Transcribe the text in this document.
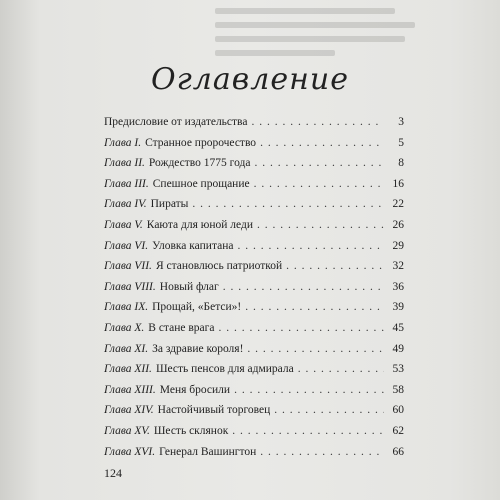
Оглавление
Предисловие от издательства . . .	3
Глава I. Странное пророчество . . .	5
Глава II. Рождество 1775 года . . .	8
Глава III. Спешное прощание . . .	16
Глава IV. Пираты . . .	22
Глава V. Каюта для юной леди . . .	26
Глава VI. Уловка капитана . . .	29
Глава VII. Я становлюсь патриоткой . . .	32
Глава VIII. Новый флаг . . .	36
Глава IX. Прощай, «Бетси»! . . .	39
Глава X. В стане врага . . .	45
Глава XI. За здравие короля! . . .	49
Глава XII. Шесть пенсов для адмирала . . .	53
Глава XIII. Меня бросили . . .	58
Глава XIV. Настойчивый торговец . . .	60
Глава XV. Шесть склянок . . .	62
Глава XVI. Генерал Вашингтон . . .	66
124
